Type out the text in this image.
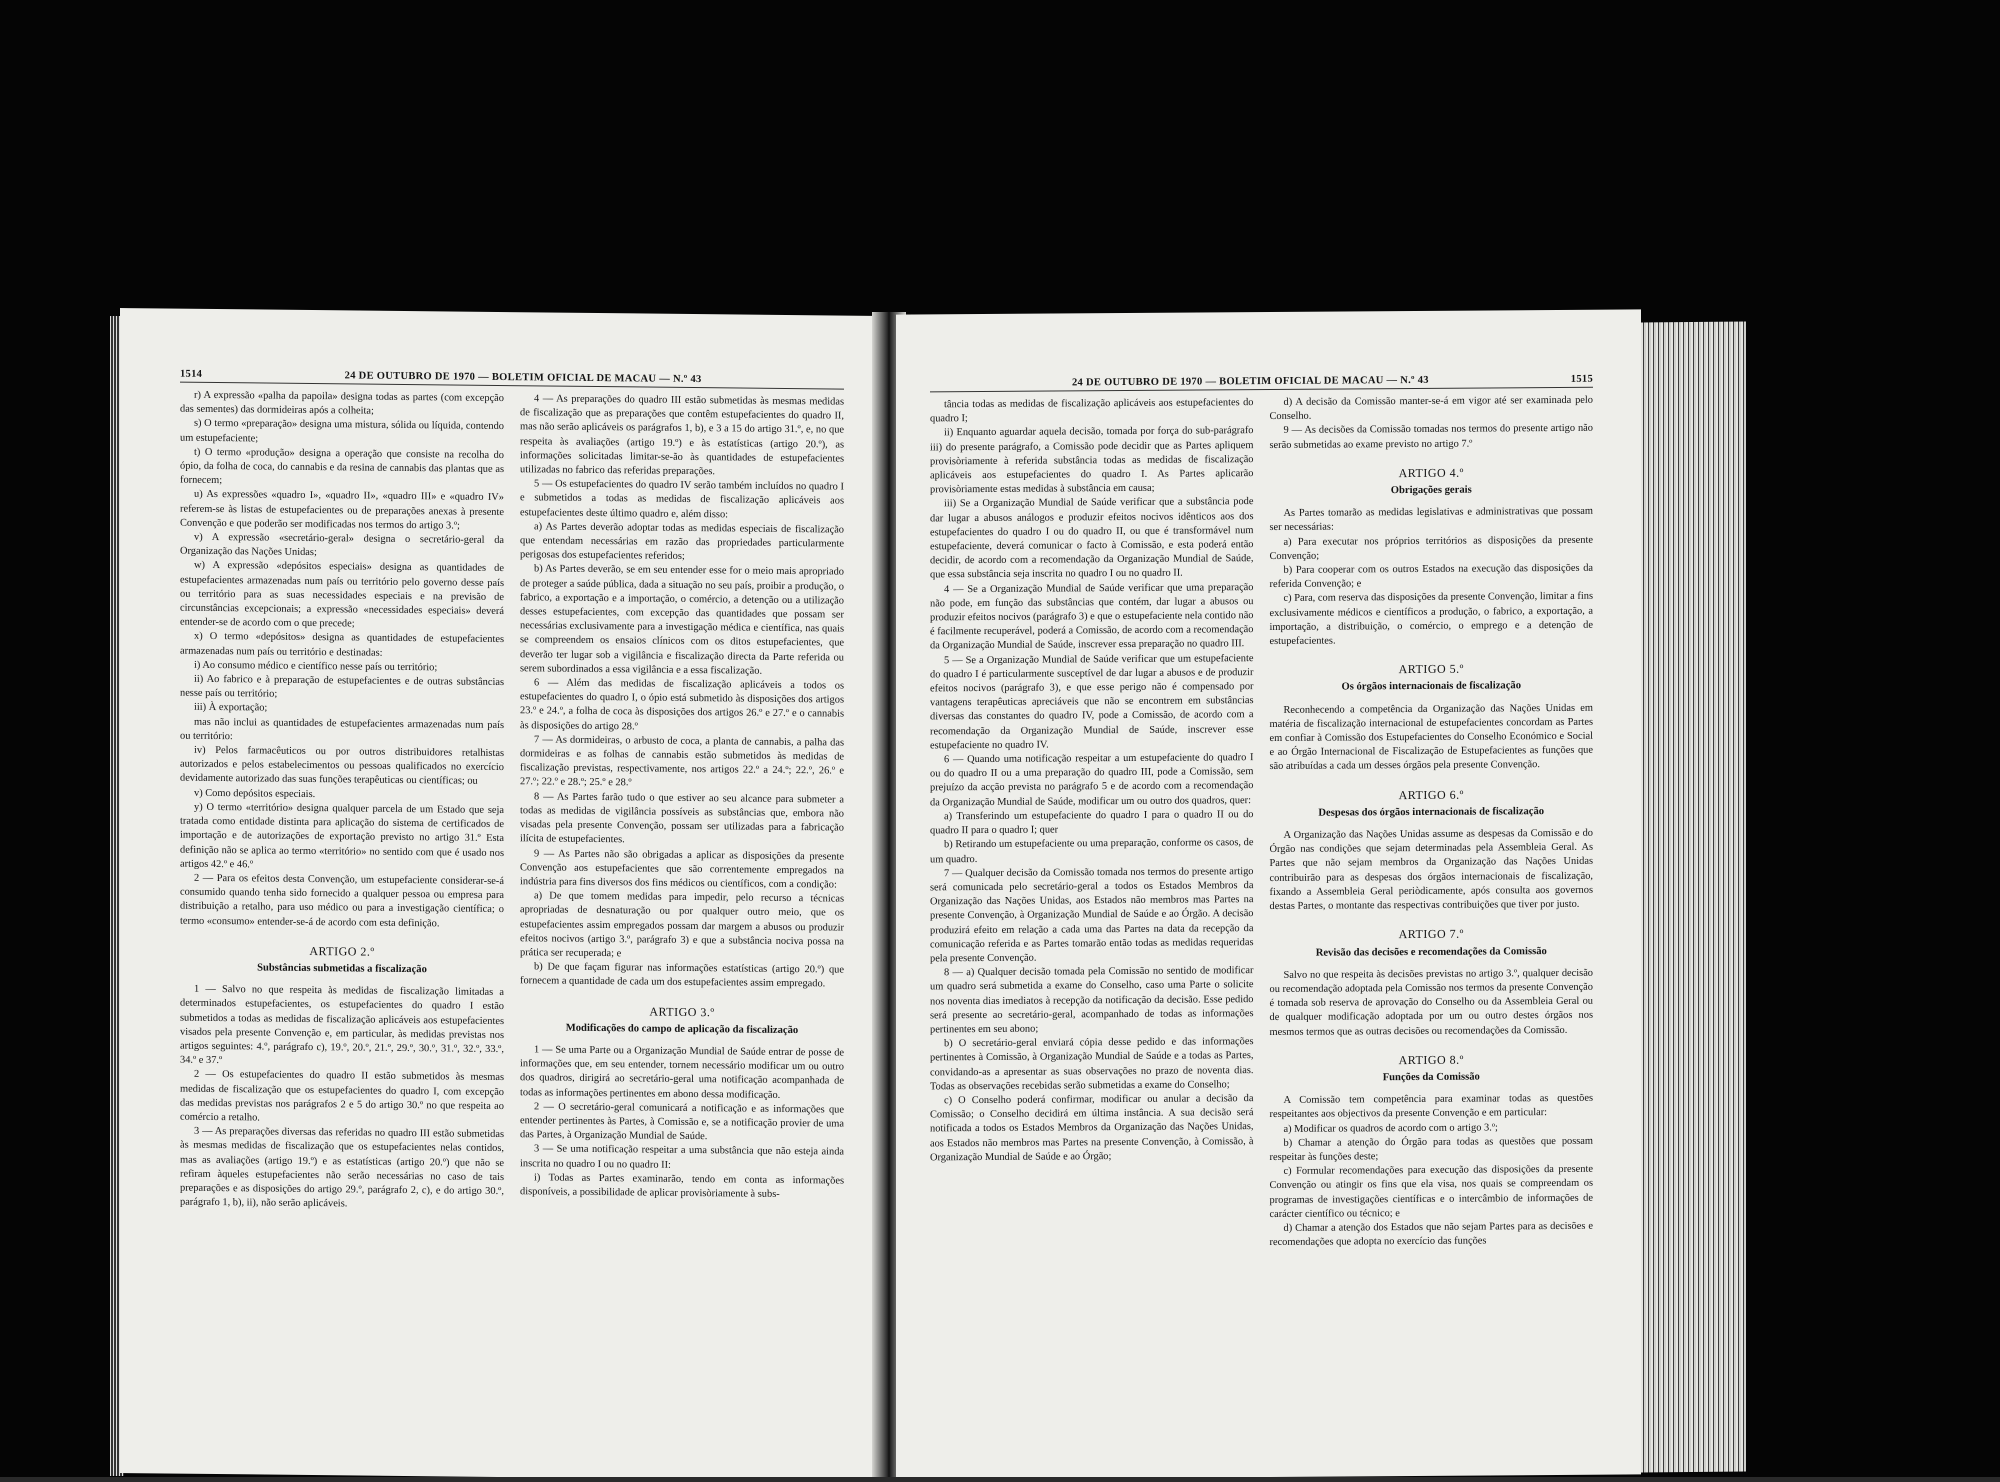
1514	24 DE OUTUBRO DE 1970 — BOLETIM OFICIAL DE MACAU — N.º 43

r) A expressão «palha da papoila» designa todas as partes (com excepção das sementes) das dormideiras após a colheita;

s) O termo «preparação» designa uma mistura, sólida ou líquida, contendo um estupefaciente;

t) O termo «produção» designa a operação que consiste na recolha do ópio, da folha de coca, do cannabis e da resina de cannabis das plantas que as fornecem;

u) As expressões «quadro I», «quadro II», «quadro III» e «quadro IV» referem-se às listas de estupefacientes ou de preparações anexas à presente Convenção e que poderão ser modificadas nos termos do artigo 3.º;

v) A expressão «secretário-geral» designa o secretário-geral da Organização das Nações Unidas;

w) A expressão «depósitos especiais» designa as quantidades de estupefacientes armazenadas num país ou território pelo governo desse país ou território para as suas necessidades especiais e na previsão de circunstâncias excepcionais; a expressão «necessidades especiais» deverá entender-se de acordo com o que precede;

x) O termo «depósitos» designa as quantidades de estupefacientes armazenadas num país ou território e destinadas:

i) Ao consumo médico e científico nesse país ou território;

ii) Ao fabrico e à preparação de estupefacientes e de outras substâncias nesse país ou território;

iii) À exportação;

mas não inclui as quantidades de estupefacientes armazenadas num país ou território:

iv) Pelos farmacêuticos ou por outros distribuidores retalhistas autorizados e pelos estabelecimentos ou pessoas qualificados no exercício devidamente autorizado das suas funções terapêuticas ou científicas; ou

v) Como depósitos especiais.

y) O termo «território» designa qualquer parcela de um Estado que seja tratada como entidade distinta para aplicação do sistema de certificados de importação e de autorizações de exportação previsto no artigo 31.º Esta definição não se aplica ao termo «território» no sentido com que é usado nos artigos 42.º e 46.º

2 — Para os efeitos desta Convenção, um estupefaciente considerar-se-á consumido quando tenha sido fornecido a qualquer pessoa ou empresa para distribuição a retalho, para uso médico ou para a investigação científica; o termo «consumo» entender-se-á de acordo com esta definição.

ARTIGO 2.º
Substâncias submetidas a fiscalização

1 — Salvo no que respeita às medidas de fiscalização limitadas a determinados estupefacientes, os estupefacientes do quadro I estão submetidos a todas as medidas de fiscalização aplicáveis aos estupefacientes visados pela presente Convenção e, em particular, às medidas previstas nos artigos seguintes: 4.º, parágrafo c), 19.º, 20.º, 21.º, 29.º, 30.º, 31.º, 32.º, 33.º, 34.º e 37.º

2 — Os estupefacientes do quadro II estão submetidos às mesmas medidas de fiscalização que os estupefacientes do quadro I, com excepção das medidas previstas nos parágrafos 2 e 5 do artigo 30.º no que respeita ao comércio a retalho.

3 — As preparações diversas das referidas no quadro III estão submetidas às mesmas medidas de fiscalização que os estupefacientes nelas contidos, mas as avaliações (artigo 19.º) e as estatísticas (artigo 20.º) que não se refiram àqueles estupefacientes não serão necessárias no caso de tais preparações e as disposições do artigo 29.º, parágrafo 2, c), e do artigo 30.º, parágrafo 1, b), ii), não serão aplicáveis.

4 — As preparações do quadro III estão submetidas às mesmas medidas de fiscalização que as preparações que contêm estupefacientes do quadro II, mas não serão aplicáveis os parágrafos 1, b), e 3 a 15 do artigo 31.º, e, no que respeita às avaliações (artigo 19.º) e às estatísticas (artigo 20.º), as informações solicitadas limitar-se-ão às quantidades de estupefacientes utilizadas no fabrico das referidas preparações.

5 — Os estupefacientes do quadro IV serão também incluídos no quadro I e submetidos a todas as medidas de fiscalização aplicáveis aos estupefacientes deste último quadro e, além disso:

a) As Partes deverão adoptar todas as medidas especiais de fiscalização que entendam necessárias em razão das propriedades particularmente perigosas dos estupefacientes referidos;

b) As Partes deverão, se em seu entender esse for o meio mais apropriado de proteger a saúde pública, dada a situação no seu país, proibir a produção, o fabrico, a exportação e a importação, o comércio, a detenção ou a utilização desses estupefacientes, com excepção das quantidades que possam ser necessárias exclusivamente para a investigação médica e científica, nas quais se compreendem os ensaios clínicos com os ditos estupefacientes, que deverão ter lugar sob a vigilância e fiscalização directa da Parte referida ou serem subordinados a essa vigilância e a essa fiscalização.

6 — Além das medidas de fiscalização aplicáveis a todos os estupefacientes do quadro I, o ópio está submetido às disposições dos artigos 23.º e 24.º, a folha de coca às disposições dos artigos 26.º e 27.º e o cannabis às disposições do artigo 28.º

7 — As dormideiras, o arbusto de coca, a planta de cannabis, a palha das dormideiras e as folhas de cannabis estão submetidos às medidas de fiscalização previstas, respectivamente, nos artigos 22.º a 24.º; 22.º, 26.º e 27.º; 22.º e 28.º; 25.º e 28.º

8 — As Partes farão tudo o que estiver ao seu alcance para submeter a todas as medidas de vigilância possíveis as substâncias que, embora não visadas pela presente Convenção, possam ser utilizadas para a fabricação ilícita de estupefacientes.

9 — As Partes não são obrigadas a aplicar as disposições da presente Convenção aos estupefacientes que são correntemente empregados na indústria para fins diversos dos fins médicos ou científicos, com a condição:

a) De que tomem medidas para impedir, pelo recurso a técnicas apropriadas de desnaturação ou por qualquer outro meio, que os estupefacientes assim empregados possam dar margem a abusos ou produzir efeitos nocivos (artigo 3.º, parágrafo 3) e que a substância nociva possa na prática ser recuperada; e

b) De que façam figurar nas informações estatísticas (artigo 20.º) que fornecem a quantidade de cada um dos estupefacientes assim empregado.

ARTIGO 3.º
Modificações do campo de aplicação da fiscalização

1 — Se uma Parte ou a Organização Mundial de Saúde entrar de posse de informações que, em seu entender, tornem necessário modificar um ou outro dos quadros, dirigirá ao secretário-geral uma notificação acompanhada de todas as informações pertinentes em abono dessa modificação.

2 — O secretário-geral comunicará a notificação e as informações que entender pertinentes às Partes, à Comissão e, se a notificação provier de uma das Partes, à Organização Mundial de Saúde.

3 — Se uma notificação respeitar a uma substância que não esteja ainda inscrita no quadro I ou no quadro II:

i) Todas as Partes examinarão, tendo em conta as informações disponíveis, a possibilidade de aplicar provisòriamente à subs-

24 DE OUTUBRO DE 1970 — BOLETIM OFICIAL DE MACAU — N.º 43	1515

tância todas as medidas de fiscalização aplicáveis aos estupefacientes do quadro I;

ii) Enquanto aguardar aquela decisão, tomada por força do sub-parágrafo iii) do presente parágrafo, a Comissão pode decidir que as Partes apliquem provisòriamente à referida substância todas as medidas de fiscalização aplicáveis aos estupefacientes do quadro I. As Partes aplicarão provisòriamente estas medidas à substância em causa;

iii) Se a Organização Mundial de Saúde verificar que a substância pode dar lugar a abusos análogos e produzir efeitos nocivos idênticos aos dos estupefacientes do quadro I ou do quadro II, ou que é transformável num estupefaciente, deverá comunicar o facto à Comissão, e esta poderá então decidir, de acordo com a recomendação da Organização Mundial de Saúde, que essa substância seja inscrita no quadro I ou no quadro II.

4 — Se a Organização Mundial de Saúde verificar que uma preparação não pode, em função das substâncias que contém, dar lugar a abusos ou produzir efeitos nocivos (parágrafo 3) e que o estupefaciente nela contido não é facilmente recuperável, poderá a Comissão, de acordo com a recomendação da Organização Mundial de Saúde, inscrever essa preparação no quadro III.

5 — Se a Organização Mundial de Saúde verificar que um estupefaciente do quadro I é particularmente susceptível de dar lugar a abusos e de produzir efeitos nocivos (parágrafo 3), e que esse perigo não é compensado por vantagens terapêuticas apreciáveis que não se encontrem em substâncias diversas das constantes do quadro IV, pode a Comissão, de acordo com a recomendação da Organização Mundial de Saúde, inscrever esse estupefaciente no quadro IV.

6 — Quando uma notificação respeitar a um estupefaciente do quadro I ou do quadro II ou a uma preparação do quadro III, pode a Comissão, sem prejuízo da acção prevista no parágrafo 5 e de acordo com a recomendação da Organização Mundial de Saúde, modificar um ou outro dos quadros, quer:

a) Transferindo um estupefaciente do quadro I para o quadro II ou do quadro II para o quadro I; quer

b) Retirando um estupefaciente ou uma preparação, conforme os casos, de um quadro.

7 — Qualquer decisão da Comissão tomada nos termos do presente artigo será comunicada pelo secretário-geral a todos os Estados Membros da Organização das Nações Unidas, aos Estados não membros mas Partes na presente Convenção, à Organização Mundial de Saúde e ao Órgão. A decisão produzirá efeito em relação a cada uma das Partes na data da recepção da comunicação referida e as Partes tomarão então todas as medidas requeridas pela presente Convenção.

8 — a) Qualquer decisão tomada pela Comissão no sentido de modificar um quadro será submetida a exame do Conselho, caso uma Parte o solicite nos noventa dias imediatos à recepção da notificação da decisão. Esse pedido será presente ao secretário-geral, acompanhado de todas as informações pertinentes em seu abono;

b) O secretário-geral enviará cópia desse pedido e das informações pertinentes à Comissão, à Organização Mundial de Saúde e a todas as Partes, convidando-as a apresentar as suas observações no prazo de noventa dias. Todas as observações recebidas serão submetidas a exame do Conselho;

c) O Conselho poderá confirmar, modificar ou anular a decisão da Comissão; o Conselho decidirá em última instância. A sua decisão será notificada a todos os Estados Membros da Organização das Nações Unidas, aos Estados não membros mas Partes na presente Convenção, à Comissão, à Organização Mundial de Saúde e ao Órgão;

d) A decisão da Comissão manter-se-á em vigor até ser examinada pelo Conselho.

9 — As decisões da Comissão tomadas nos termos do presente artigo não serão submetidas ao exame previsto no artigo 7.º

ARTIGO 4.º
Obrigações gerais

As Partes tomarão as medidas legislativas e administrativas que possam ser necessárias:

a) Para executar nos próprios territórios as disposições da presente Convenção;

b) Para cooperar com os outros Estados na execução das disposições da referida Convenção; e

c) Para, com reserva das disposições da presente Convenção, limitar a fins exclusivamente médicos e científicos a produção, o fabrico, a exportação, a importação, a distribuição, o comércio, o emprego e a detenção de estupefacientes.

ARTIGO 5.º
Os órgãos internacionais de fiscalização

Reconhecendo a competência da Organização das Nações Unidas em matéria de fiscalização internacional de estupefacientes concordam as Partes em confiar à Comissão dos Estupefacientes do Conselho Económico e Social e ao Órgão Internacional de Fiscalização de Estupefacientes as funções que são atribuídas a cada um desses órgãos pela presente Convenção.

ARTIGO 6.º
Despesas dos órgãos internacionais de fiscalização

A Organização das Nações Unidas assume as despesas da Comissão e do Órgão nas condições que sejam determinadas pela Assembleia Geral. As Partes que não sejam membros da Organização das Nações Unidas contribuirão para as despesas dos órgãos internacionais de fiscalização, fixando a Assembleia Geral periòdicamente, após consulta aos governos destas Partes, o montante das respectivas contribuições que tiver por justo.

ARTIGO 7.º
Revisão das decisões e recomendações da Comissão

Salvo no que respeita às decisões previstas no artigo 3.º, qualquer decisão ou recomendação adoptada pela Comissão nos termos da presente Convenção é tomada sob reserva de aprovação do Conselho ou da Assembleia Geral ou de qualquer modificação adoptada por um ou outro destes órgãos nos mesmos termos que as outras decisões ou recomendações da Comissão.

ARTIGO 8.º
Funções da Comissão

A Comissão tem competência para examinar todas as questões respeitantes aos objectivos da presente Convenção e em particular:

a) Modificar os quadros de acordo com o artigo 3.º;

b) Chamar a atenção do Órgão para todas as questões que possam respeitar às funções deste;

c) Formular recomendações para execução das disposições da presente Convenção ou atingir os fins que ela visa, nos quais se compreendam os programas de investigações científicas e o intercâmbio de informações de carácter científico ou técnico; e

d) Chamar a atenção dos Estados que não sejam Partes para as decisões e recomendações que adopta no exercício das funções
